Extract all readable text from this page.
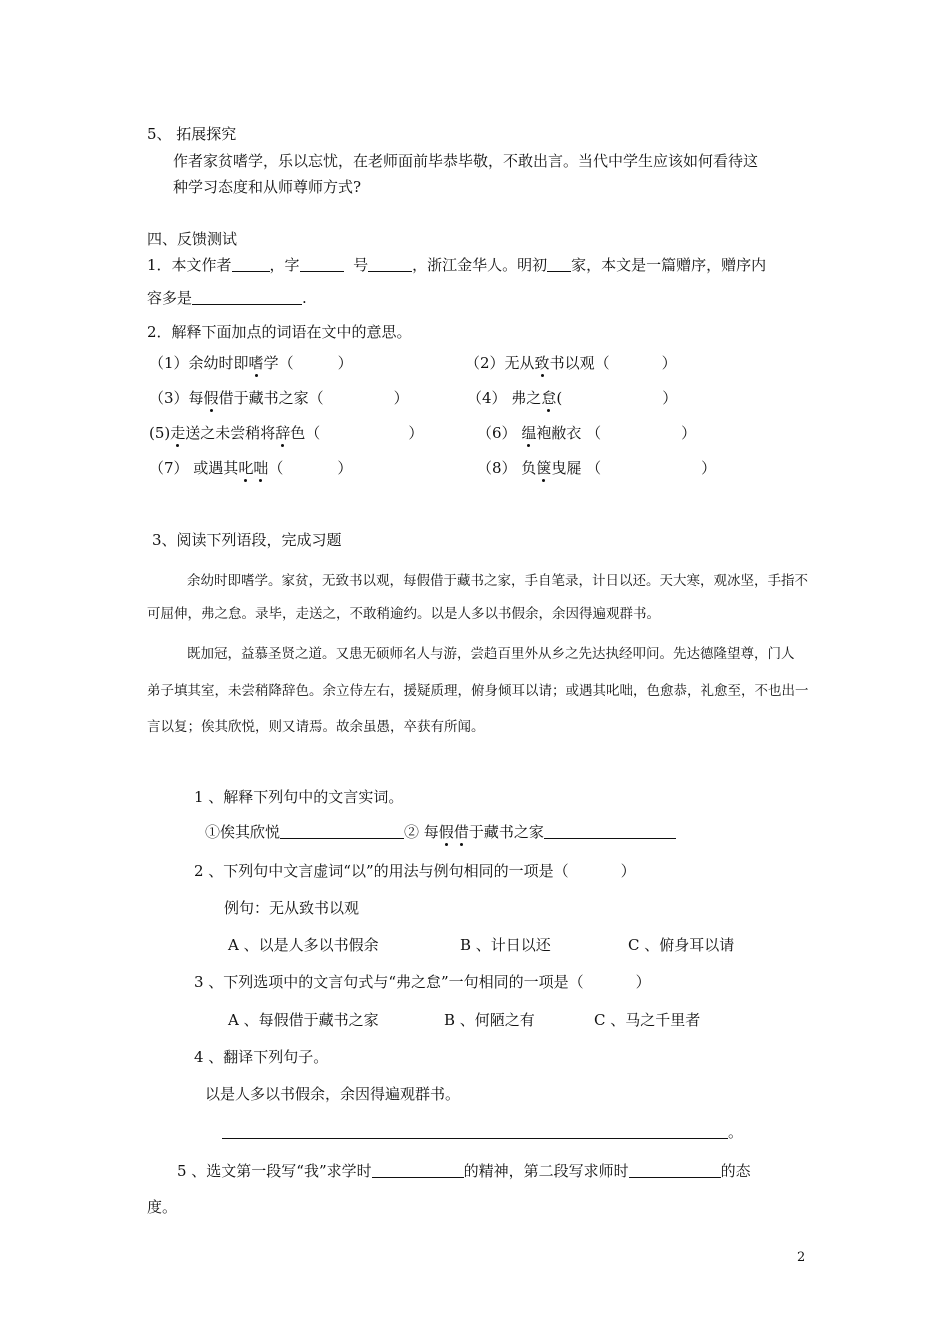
5、 拓展探究
作者家贫嗜学，乐以忘忧，在老师面前毕恭毕敬，不敢出言。当代中学生应该如何看待这
种学习态度和从师尊师方式?
四、反馈测试
1．本文作者	，字	号	，浙江金华人。明初 家，本文是一篇赠序，赠序内
容多是	.
2．解释下面加点的词语在文中的意思。
（1）余幼时即嗜学（	）	（2）无从致书以观（	）
（3）每假借于藏书之家（	）	（4） 弗之怠(	）
(5)走送之未尝稍将辞色（	）	（6） 缊袍敝衣 （	）
（7） 或遇其叱咄（	）	（8） 负箧曳屣 （	）
3、阅读下列语段，完成习题
余幼时即嗜学。家贫，无致书以观，每假借于藏书之家，手自笔录，计日以还。天大寒，观冰坚，手指不
可屈伸，弗之怠。录毕，走送之，不敢稍逾约。以是人多以书假余，余因得遍观群书。
既加冠，益慕圣贤之道。又患无硕师名人与游，尝趋百里外从乡之先达执经叩问。先达德隆望尊，门人
弟子填其室，未尝稍降辞色。余立侍左右，援疑质理，俯身倾耳以请；或遇其叱咄，色愈恭，礼愈至，不也出一
言以复；俟其欣悦，则又请焉。故余虽愚，卒获有所闻。
1 、解释下列句中的文言实词。
①俟其欣悦	② 每假借于藏书之家
2 、下列句中文言虚词“以”的用法与例句相同的一项是（	）
例句：无从致书以观
A 、以是人多以书假余	B 、计日以还	C 、俯身耳以请
3 、下列选项中的文言句式与“弗之怠”一句相同的一项是（	）
A 、每假借于藏书之家	B 、何陋之有	C 、马之千里者
4 、翻译下列句子。
以是人多以书假余，余因得遍观群书。
。
5 、选文第一段写“我”求学时	的精神，第二段写求师时	的态
度。
2
